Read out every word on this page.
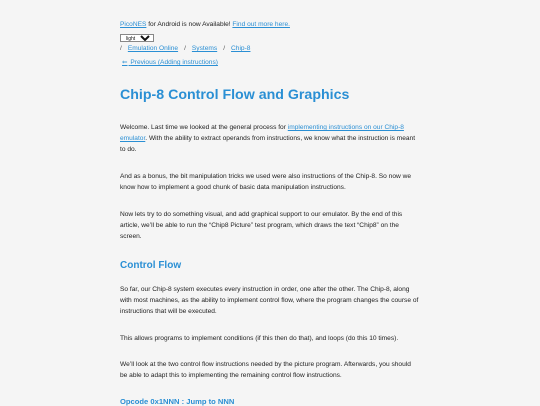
PicoNES for Android is now Available! Find out more here.
light
/ Emulation Online / Systems / Chip-8
⇐ Previous (Adding instructions)
Chip-8 Control Flow and Graphics

Welcome. Last time we looked at the general process for implementing instructions on our Chip-8 emulator. With the ability to extract operands from instructions, we know what the instruction is meant to do.

And as a bonus, the bit manipulation tricks we used were also instructions of the Chip-8. So now we know how to implement a good chunk of basic data manipulation instructions.

Now lets try to do something visual, and add graphical support to our emulator. By the end of this article, we’ll be able to run the “Chip8 Picture” test program, which draws the text “Chip8” on the screen.

Control Flow

So far, our Chip-8 system executes every instruction in order, one after the other. The Chip-8, along with most machines, as the ability to implement control flow, where the program changes the course of instructions that will be executed.

This allows programs to implement conditions (if this then do that), and loops (do this 10 times).

We’ll look at the two control flow instructions needed by the picture program. Afterwards, you should be able to adapt this to implementing the remaining control flow instructions.

Opcode 0x1NNN : Jump to NNN
